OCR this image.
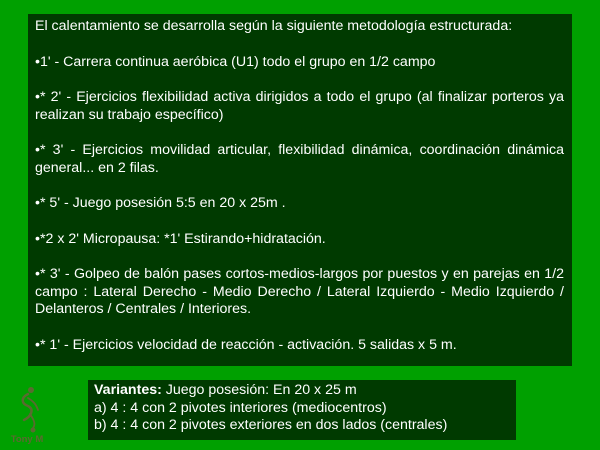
El calentamiento se desarrolla según la siguiente metodología estructurada:

•1' - Carrera continua aeróbica (U1) todo el grupo en 1/2 campo

•* 2' - Ejercicios flexibilidad activa dirigidos a todo el grupo (al finalizar porteros ya realizan su trabajo específico)

•* 3' - Ejercicios movilidad articular, flexibilidad dinámica, coordinación dinámica general... en 2 filas.

•* 5' - Juego posesión 5:5 en 20 x 25m .

•*2 x 2' Micropausa: *1' Estirando+hidratación.

•* 3' - Golpeo de balón pases cortos-medios-largos por puestos y en parejas en 1/2 campo : Lateral Derecho - Medio Derecho / Lateral Izquierdo - Medio Izquierdo / Delanteros / Centrales / Interiores.

•* 1' - Ejercicios velocidad de reacción - activación. 5 salidas x 5 m.

Variantes: Juego posesión: En 20 x 25 m
a) 4 : 4 con 2 pivotes interiores (mediocentros)
b) 4 : 4 con 2 pivotes exteriores en dos lados (centrales)
Tony M
